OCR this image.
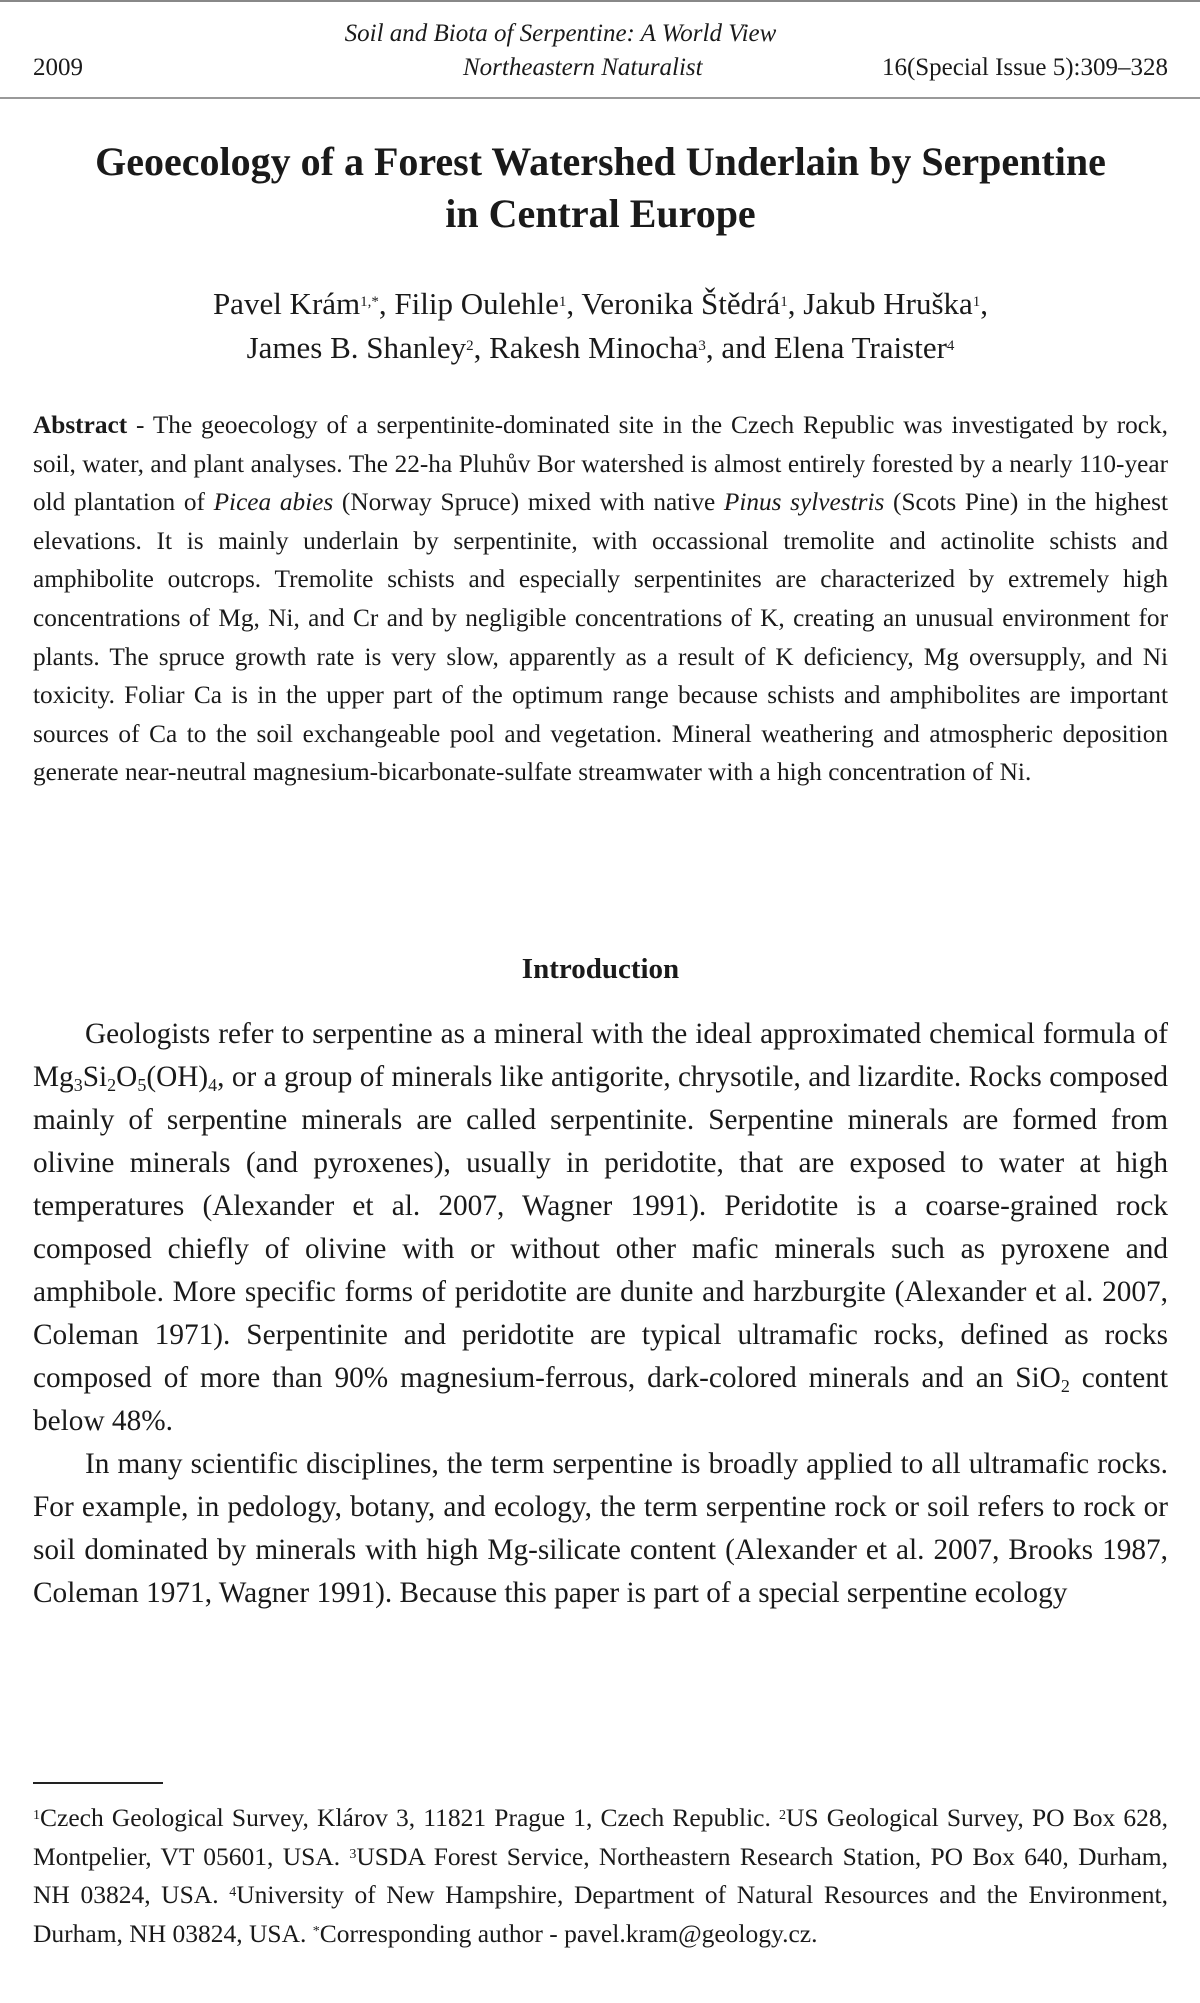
Soil and Biota of Serpentine: A World View
2009	Northeastern Naturalist	16(Special Issue 5):309–328
Geoecology of a Forest Watershed Underlain by Serpentine
in Central Europe
Pavel Krám$^{1,*}$, Filip Oulehle$^1$, Veronika Štědrá$^1$, Jakub Hruška$^1$,
James B. Shanley$^2$, Rakesh Minocha$^3$, and Elena Traister$^4$
Abstract - The geoecology of a serpentinite-dominated site in the Czech Republic was investigated by rock, soil, water, and plant analyses. The 22-ha Pluhův Bor watershed is almost entirely forested by a nearly 110-year old plantation of Picea abies (Norway Spruce) mixed with native Pinus sylvestris (Scots Pine) in the highest elevations. It is mainly underlain by serpentinite, with occassional tremolite and actinolite schists and amphibolite outcrops. Tremolite schists and especially serpentinites are characterized by extremely high concentrations of Mg, Ni, and Cr and by negligible concentrations of K, creating an unusual environment for plants. The spruce growth rate is very slow, apparently as a result of K deficiency, Mg oversupply, and Ni toxicity. Foliar Ca is in the upper part of the optimum range because schists and amphibolites are important sources of Ca to the soil exchangeable pool and vegetation. Mineral weathering and atmospheric deposition generate near-neutral magnesium-bicarbonate-sulfate streamwater with a high concentration of Ni.
Introduction

Geologists refer to serpentine as a mineral with the ideal approximated chemical formula of $Mg_3Si_2O_5(OH)_4$, or a group of minerals like antigorite, chrysotile, and lizardite. Rocks composed mainly of serpentine minerals are called serpentinite. Serpentine minerals are formed from olivine minerals (and pyroxenes), usually in peridotite, that are exposed to water at high temperatures (Alexander et al. 2007, Wagner 1991). Peridotite is a coarse-grained rock composed chiefly of olivine with or without other mafic minerals such as pyroxene and amphibole. More specific forms of peridotite are dunite and harzburgite (Alexander et al. 2007, Coleman 1971). Serpentinite and peridotite are typical ultramafic rocks, defined as rocks composed of more than 90% magnesium-ferrous, dark-colored minerals and an SiO$_2$ content below 48%.

In many scientific disciplines, the term serpentine is broadly applied to all ultramafic rocks. For example, in pedology, botany, and ecology, the term serpentine rock or soil refers to rock or soil dominated by minerals with high Mg-silicate content (Alexander et al. 2007, Brooks 1987, Coleman 1971, Wagner 1991). Because this paper is part of a special serpentine ecology

$^1$Czech Geological Survey, Klárov 3, 11821 Prague 1, Czech Republic. $^2$US Geological Survey, PO Box 628, Montpelier, VT 05601, USA. $^3$USDA Forest Service, Northeastern Research Station, PO Box 640, Durham, NH 03824, USA. $^4$University of New Hampshire, Department of Natural Resources and the Environment, Durham, NH 03824, USA. *Corresponding author - pavel.kram@geology.cz.
